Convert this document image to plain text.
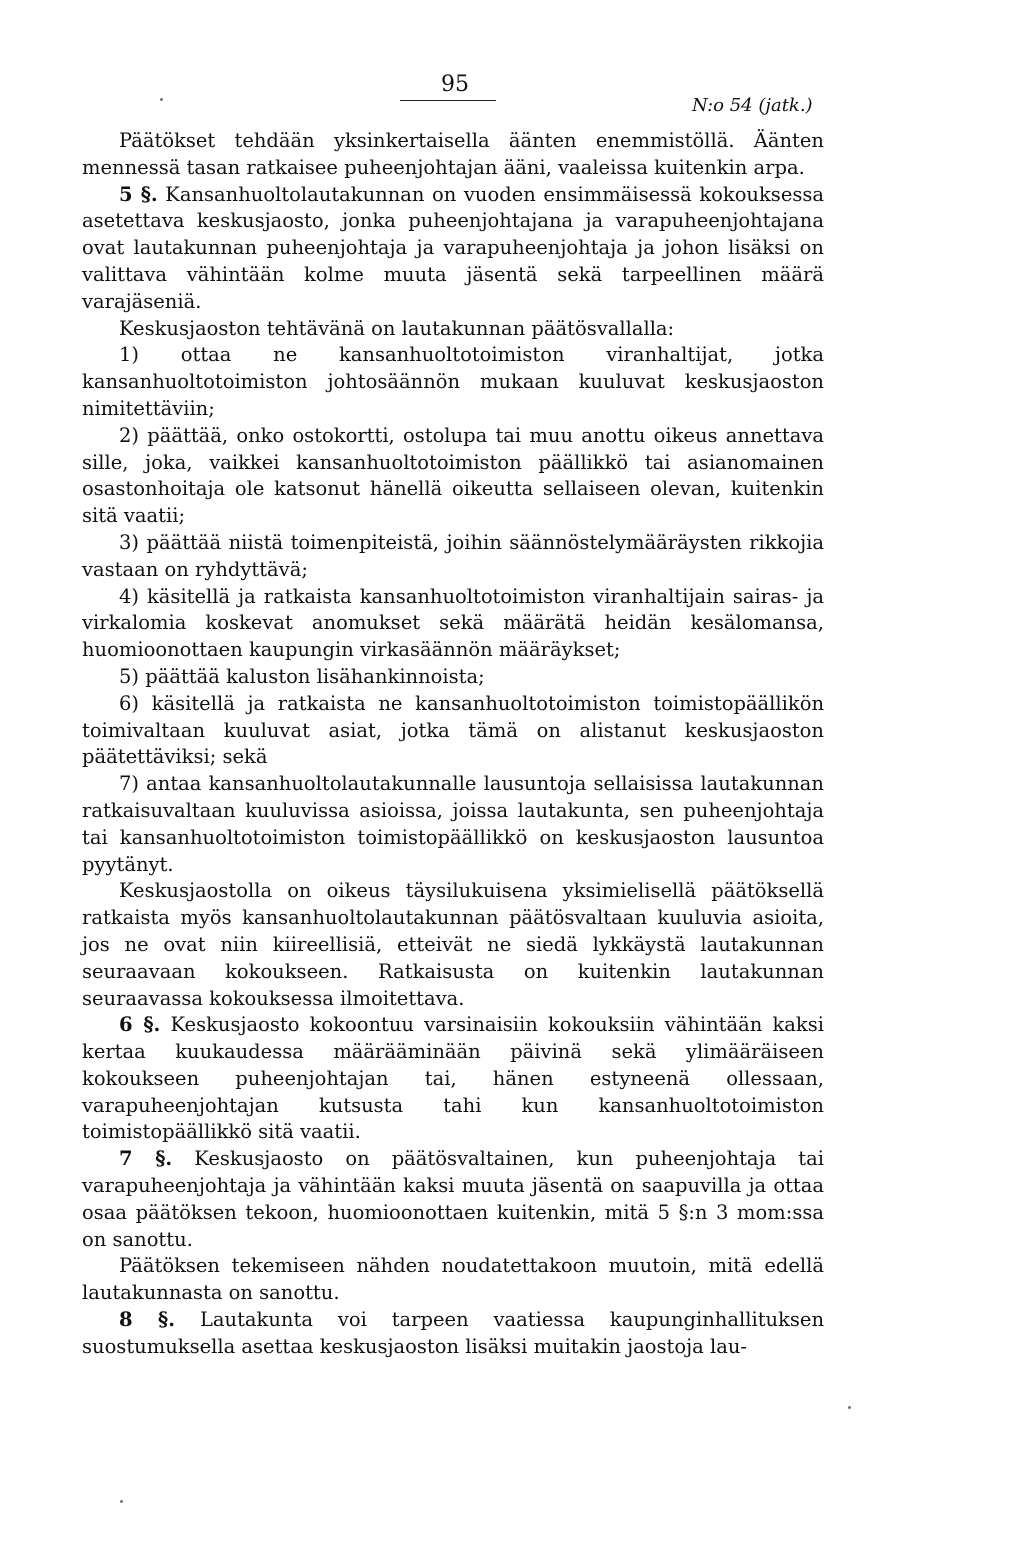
95
N:o 54 (jatk.)

Päätökset tehdään yksinkertaisella äänten enemmistöllä. Äänten mennessä tasan ratkaisee puheenjohtajan ääni, vaaleissa kuitenkin arpa.

5 §. Kansanhuoltolautakunnan on vuoden ensimmäisessä kokouksessa asetettava keskusjaosto, jonka puheenjohtajana ja varapuheenjohtajana ovat lautakunnan puheenjohtaja ja varapuheenjohtaja ja johon lisäksi on valittava vähintään kolme muuta jäsentä sekä tarpeellinen määrä varajäseniä.

Keskusjaoston tehtävänä on lautakunnan päätösvallalla:

1) ottaa ne kansanhuoltotoimiston viranhaltijat, jotka kansanhuoltotoimiston johtosäännön mukaan kuuluvat keskusjaoston nimitettäviin;

2) päättää, onko ostokortti, ostolupa tai muu anottu oikeus annettava sille, joka, vaikkei kansanhuoltotoimiston päällikkö tai asianomainen osastonhoitaja ole katsonut hänellä oikeutta sellaiseen olevan, kuitenkin sitä vaatii;

3) päättää niistä toimenpiteistä, joihin säännöstelymääräysten rikkojia vastaan on ryhdyttävä;

4) käsitellä ja ratkaista kansanhuoltotoimiston viranhaltijain sairas- ja virkalomia koskevat anomukset sekä määrätä heidän kesälomansa, huomioonottaen kaupungin virkasäännön määräykset;

5) päättää kaluston lisähankinnoista;

6) käsitellä ja ratkaista ne kansanhuoltotoimiston toimistopäällikön toimivaltaan kuuluvat asiat, jotka tämä on alistanut keskusjaoston päätettäviksi; sekä

7) antaa kansanhuoltolautakunnalle lausuntoja sellaisissa lautakunnan ratkaisuvaltaan kuuluvissa asioissa, joissa lautakunta, sen puheenjohtaja tai kansanhuoltotoimiston toimistopäällikkö on keskusjaoston lausuntoa pyytänyt.

Keskusjaostolla on oikeus täysilukuisena yksimielisellä päätöksellä ratkaista myös kansanhuoltolautakunnan päätösvaltaan kuuluvia asioita, jos ne ovat niin kiireellisiä, etteivät ne siedä lykkäystä lautakunnan seuraavaan kokoukseen. Ratkaisusta on kuitenkin lautakunnan seuraavassa kokouksessa ilmoitettava.

6 §. Keskusjaosto kokoontuu varsinaisiin kokouksiin vähintään kaksi kertaa kuukaudessa määrääminään päivinä sekä ylimääräiseen kokoukseen puheenjohtajan tai, hänen estyneenä ollessaan, varapuheenjohtajan kutsusta tahi kun kansanhuoltotoimiston toimistopäällikkö sitä vaatii.

7 §. Keskusjaosto on päätösvaltainen, kun puheenjohtaja tai varapuheenjohtaja ja vähintään kaksi muuta jäsentä on saapuvilla ja ottaa osaa päätöksen tekoon, huomioonottaen kuitenkin, mitä 5 §:n 3 mom:ssa on sanottu.

Päätöksen tekemiseen nähden noudatettakoon muutoin, mitä edellä lautakunnasta on sanottu.

8 §. Lautakunta voi tarpeen vaatiessa kaupunginhallituksen suostumuksella asettaa keskusjaoston lisäksi muitakin jaostoja lau-
